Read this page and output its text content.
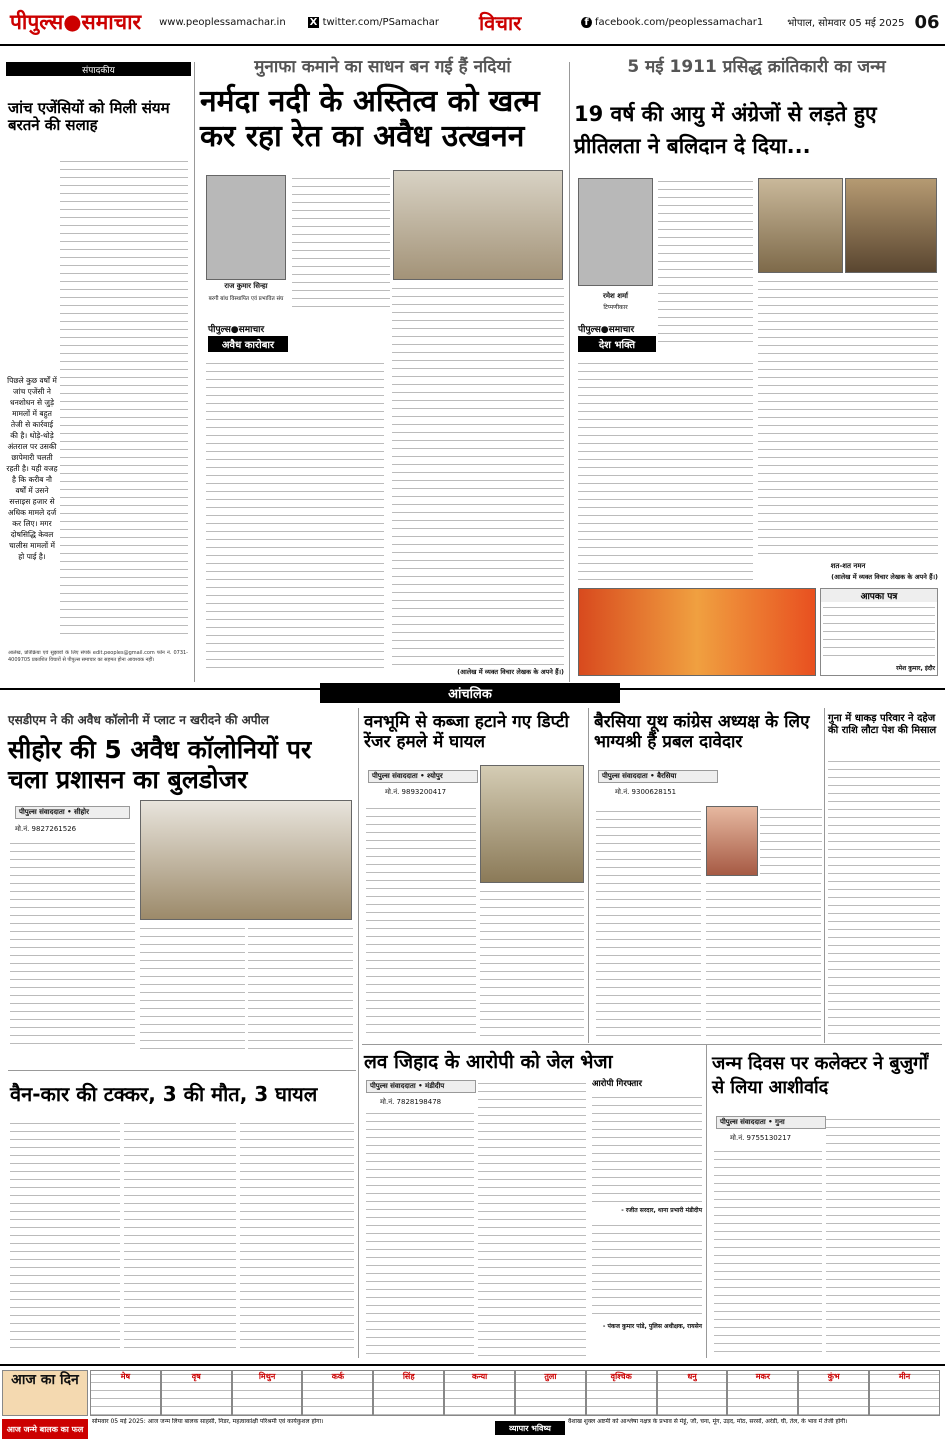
पीपुल्स●समाचार www.peoplessamachar.in X twitter.com/PSamachar विचार	f facebook.com/peoplessamachar1 भोपाल, सोमवार 05 मई 2025 06
संपादकीय
जांच एजेंसियों को मिली संयम बरतने की सलाह
पिछले कुछ वर्षों में जांच एजेंसी ने धनशोधन से जुड़े मामलों में बहुत तेजी से कार्रवाई की है। थोड़े-थोड़े अंतराल पर उसकी छापेमारी चलती रहती है। यही वजह है कि करीब नौ वर्षों में उसने सत्ताइस हजार से अधिक मामले दर्ज कर लिए। मगर दोषसिद्धि केवल चालीस मामलों में हो पाई है।
आलेख, प्रतिक्रिया एवं सुझावों के लिए संपर्क edit.peoples@gmail.com फोन नं. 0731-4009705 प्रकाशित विचारों से पीपुल्स समाचार का सहमत होना आवश्यक नहीं।
मुनाफा कमाने का साधन बन गई हैं नदियां
नर्मदा नदी के अस्तित्व को खत्म कर रहा रेत का अवैध उत्खनन
राज कुमार सिन्हा
बरगी बांध विस्थापित एवं प्रभावित संघ
पीपुल्स●समाचार
अवैध कारोबार
(आलेख में व्यक्त विचार लेखक के अपने हैं।)
5 मई 1911 प्रसिद्ध क्रांतिकारी का जन्म
19 वर्ष की आयु में अंग्रेजों से लड़ते हुए प्रीतिलता ने बलिदान दे दिया...
रमेश शर्मा
टिप्पणीकार
पीपुल्स●समाचार
देश भक्ति
शत-शत नमन
(आलेख में व्यक्त विचार लेखक के अपने हैं।)
आपका पत्र
रमेश कुमार, इंदौर
आंचलिक
एसडीएम ने की अवैध कॉलोनी में प्लाट न खरीदने की अपील
सीहोर की 5 अवैध कॉलोनियों पर चला प्रशासन का बुलडोजर
पीपुल्स संवाददाता • सीहोर
मो.नं. 9827261526
वैन-कार की टक्कर, 3 की मौत, 3 घायल
वनभूमि से कब्जा हटाने गए डिप्टी रेंजर हमले में घायल
पीपुल्स संवाददाता • श्योपुर
मो.नं. 9893200417
बैरसिया यूथ कांग्रेस अध्यक्ष के लिए भाग्यश्री हैं प्रबल दावेदार
पीपुल्स संवाददाता • बैरसिया
मो.नं. 9300628151
गुना में धाकड़ परिवार ने दहेज की राशि लौटा पेश की मिसाल
लव जिहाद के आरोपी को जेल भेजा
पीपुल्स संवाददाता • मंडीदीप
मो.नं. 7828198478
आरोपी गिरफ्तार
- रजीत सरदार, थाना प्रभारी मंडीदीप
- पंकज कुमार पांडे, पुलिस अधीक्षक, रायसेन
जन्म दिवस पर कलेक्टर ने बुजुर्गों से लिया आशीर्वाद
पीपुल्स संवाददाता • गुना
मो.नं. 9755130217
आज का दिन	मेष	वृष	मिथुन	कर्क	सिंह	कन्या	तुला	वृश्चिक	धनु	मकर	कुंभ	मीन
आज जन्मे बालक का फल
सोमवार 05 मई 2025: आज जन्म लिया बालक साहसी, निडर, महत्वाकांक्षी परिश्रमी एवं कार्यकुशल होगा।
व्यापार भविष्य
वैशाख शुक्ल अष्टमी को आश्लेषा नक्षत्र के प्रभाव से मेहूं, जौ, चना, मूंग, उड़द, मोठ, सरसों, अरंडी, घी, तेल, के भाव में तेजी होगी।
